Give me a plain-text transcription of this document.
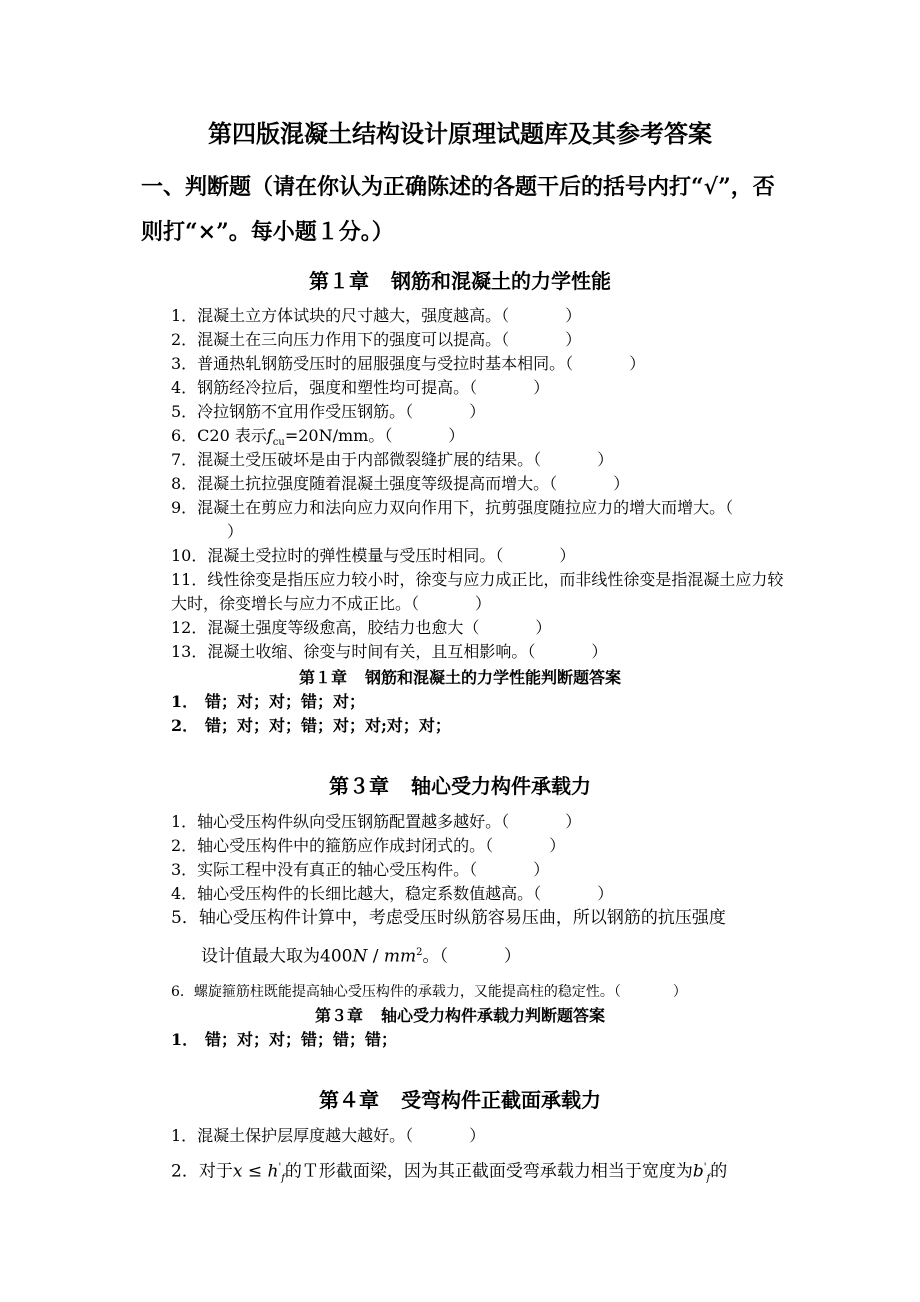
第四版混凝土结构设计原理试题库及其参考答案
一、判断题（请在你认为正确陈述的各题干后的括号内打“√”，否
则打“×”。每小题１分。）
第１章 钢筋和混凝土的力学性能
1．混凝土立方体试块的尺寸越大，强度越高。（	）
2．混凝土在三向压力作用下的强度可以提高。（	）
3．普通热轧钢筋受压时的屈服强度与受拉时基本相同。（	）
4．钢筋经冷拉后，强度和塑性均可提高。（	）
5．冷拉钢筋不宜用作受压钢筋。（	）
6．C20 表示$f_{cu}=20N/mm$。（	）
7．混凝土受压破坏是由于内部微裂缝扩展的结果。（	）
8．混凝土抗拉强度随着混凝土强度等级提高而增大。（	）
9．混凝土在剪应力和法向应力双向作用下，抗剪强度随拉应力的增大而增大。（）
10．混凝土受拉时的弹性模量与受压时相同。（	）
11．线性徐变是指压应力较小时，徐变与应力成正比，而非线性徐变是指混凝土应力较大时，徐变增长与应力不成正比。（	）
12．混凝土强度等级愈高，胶结力也愈大（	）
13．混凝土收缩、徐变与时间有关，且互相影响。（	）
第１章 钢筋和混凝土的力学性能判断题答案
1． 错；对；对；错；对；
2． 错；对；对；错；对；对;对；对；
第３章 轴心受力构件承载力
1．轴心受压构件纵向受压钢筋配置越多越好。（	）
2．轴心受压构件中的箍筋应作成封闭式的。（	）
3．实际工程中没有真正的轴心受压构件。（	）
4．轴心受压构件的长细比越大，稳定系数值越高。（	）
5．轴心受压构件计算中，考虑受压时纵筋容易压曲，所以钢筋的抗压强度
设计值最大取为$400N / mm^2$。（	）
6．螺旋箍筋柱既能提高轴心受压构件的承载力，又能提高柱的稳定性。（	）
第３章 轴心受力构件承载力判断题答案
1． 错；对；对；错；错；错；
第４章 受弯构件正截面承载力
1．混凝土保护层厚度越大越好。（	）
2．对于$x \le h'_f$的Ｔ形截面梁，因为其正截面受弯承载力相当于宽度为$b'_f$的
